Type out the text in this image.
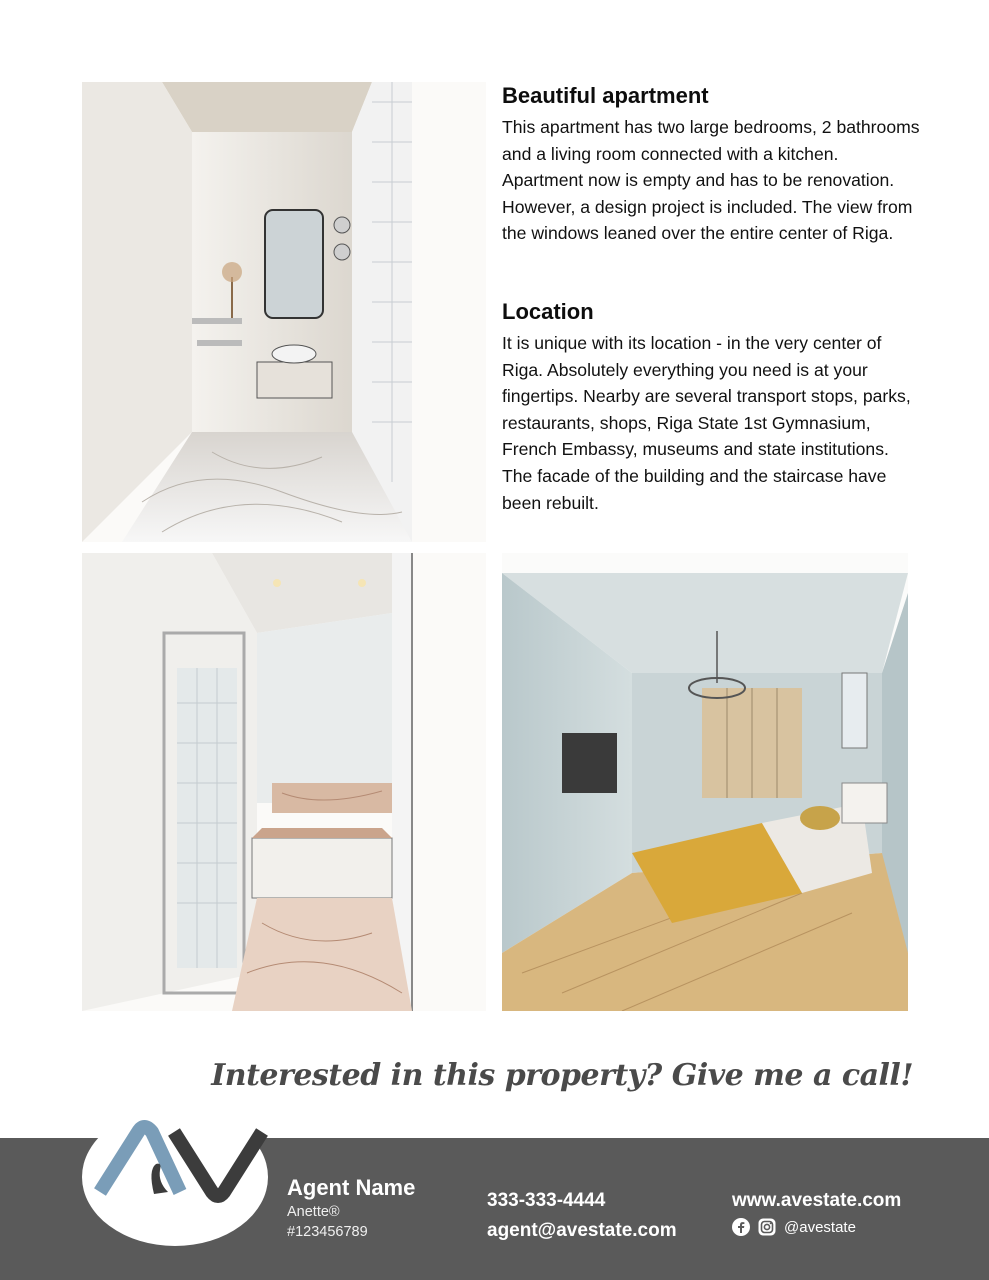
Beautiful apartment

This apartment has two large bedrooms, 2 bathrooms and a living room connected with a kitchen. Apartment now is empty and has to be renovation. However, a design project is included. The view from the windows leaned over the entire center of Riga.

Location

It is unique with its location - in the very center of Riga. Absolutely everything you need is at your fingertips. Nearby are several transport stops, parks, restaurants, shops, Riga State 1st Gymnasium, French Embassy, museums and state institutions.

The facade of the building and the staircase have been rebuilt.

Interested in this property? Give me a call!
Agent Name
Anette®
#123456789
333-333-4444
agent@avestate.com
www.avestate.com
@avestate
